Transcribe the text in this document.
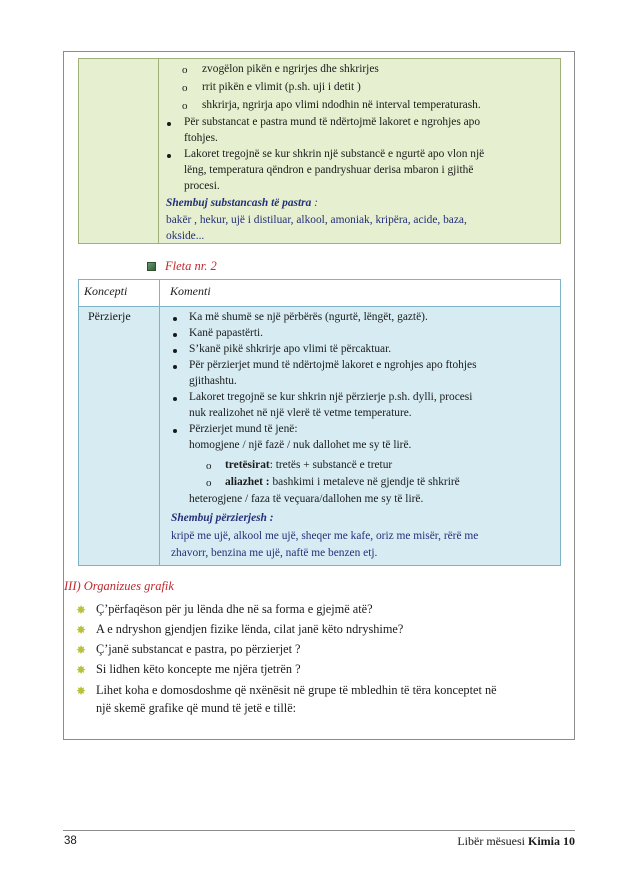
o zvogëlon pikën e ngrirjes dhe shkrirjes
o rrit pikën e vlimit (p.sh. uji i detit )
o shkrirja, ngrirja apo vlimi ndodhin në interval temperaturash.
Për substancat e pastra mund të ndërtojmë lakoret e ngrohjes apo
ftohjes.
Lakoret tregojnë se kur shkrin një substancë e ngurtë apo vlon një
lëng, temperatura qëndron e pandryshuar derisa mbaron i gjithë
procesi.
Shembuj substancash të pastra :
bakër , hekur, ujë i distiluar, alkool, amoniak, kripëra, acide, baza,
okside...
Fleta nr. 2
Koncepti	Komenti
Përzierje	Ka më shumë se një përbërës (ngurtë, lëngët, gaztë).
Kanë papastërti.
S’kanë pikë shkrirje apo vlimi të përcaktuar.
Për përzierjet mund të ndërtojmë lakoret e ngrohjes apo ftohjes
gjithashtu.
Lakoret tregojnë se kur shkrin një përzierje p.sh. dylli, procesi
nuk realizohet në një vlerë të vetme temperature.
Përzierjet mund të jenë:
homogjene / një fazë / nuk dallohet me sy të lirë.
o tretësirat: tretës + substancë e tretur
o aliazhet : bashkimi i metaleve në gjendje të shkrirë
heterogjene / faza të veçuara/dallohen me sy të lirë.
Shembuj përzierjesh :
kripë me ujë, alkool me ujë, sheqer me kafe, oriz me misër, rërë me
zhavorr, benzina me ujë, naftë me benzen etj.
III) Organizues grafik
✸ Ç’përfaqëson për ju lënda dhe në sa forma e gjejmë atë?
✸ A e ndryshon gjendjen fizike lënda, cilat janë këto ndryshime?
✸ Ç’janë substancat e pastra, po përzierjet ?
✸ Si lidhen këto koncepte me njëra tjetrën ?
✸ Lihet koha e domosdoshme që nxënësit në grupe të mbledhin të tëra konceptet në
një skemë grafike që mund të jetë e tillë:
38	Libër mësuesi Kimia 10
